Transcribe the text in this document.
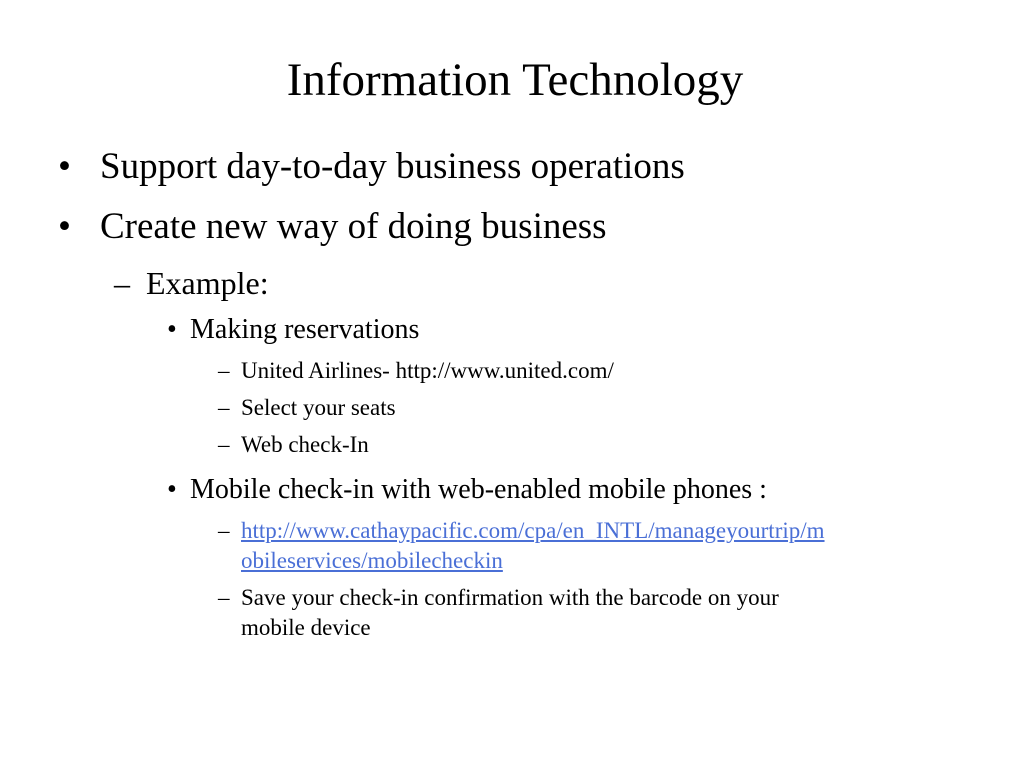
Information Technology
• Support day-to-day business operations
• Create new way of doing business
– Example:
• Making reservations
– United Airlines- http://www.united.com/
– Select your seats
– Web check-In
• Mobile check-in with web-enabled mobile phones :
– http://www.cathaypacific.com/cpa/en_INTL/manageyourtrip/m
obileservices/mobilecheckin
– Save your check-in confirmation with the barcode on your
mobile device
